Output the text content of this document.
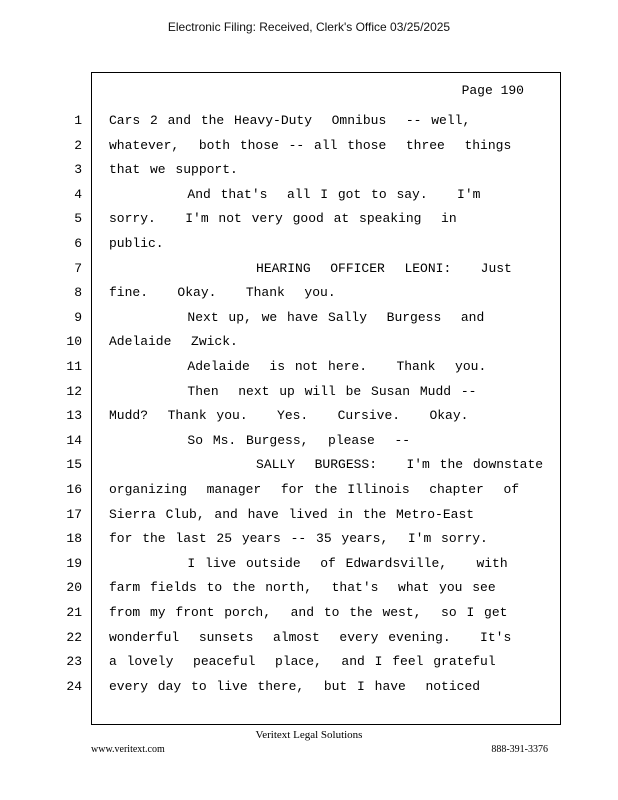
Electronic Filing: Received, Clerk's Office 03/25/2025
Page 190
1 Cars 2 and the Heavy-Duty  Omnibus  -- well,
2 whatever,  both those -- all those  three  things
3 that we support.
4 And that's  all I got to say.   I'm
5 sorry.   I'm not very good at speaking  in
6 public.
7 HEARING  OFFICER  LEONI:   Just
8 fine.   Okay.   Thank  you.
9 Next up, we have Sally  Burgess  and
10 Adelaide  Zwick.
11 Adelaide  is not here.   Thank  you.
12 Then  next up will be Susan Mudd --
13 Mudd?  Thank you.   Yes.   Cursive.   Okay.
14 So Ms. Burgess,  please  --
15 SALLY  BURGESS:   I'm the downstate
16 organizing  manager  for the Illinois  chapter  of
17 Sierra Club, and have lived in the Metro-East
18 for the last 25 years -- 35 years,  I'm sorry.
19 I live outside  of Edwardsville,   with
20 farm fields to the north,  that's  what you see
21 from my front porch,  and to the west,  so I get
22 wonderful  sunsets  almost  every evening.   It's
23 a lovely  peaceful  place,  and I feel grateful
24 every day to live there,  but I have  noticed
Veritext Legal Solutions
www.veritext.com	888-391-3376
